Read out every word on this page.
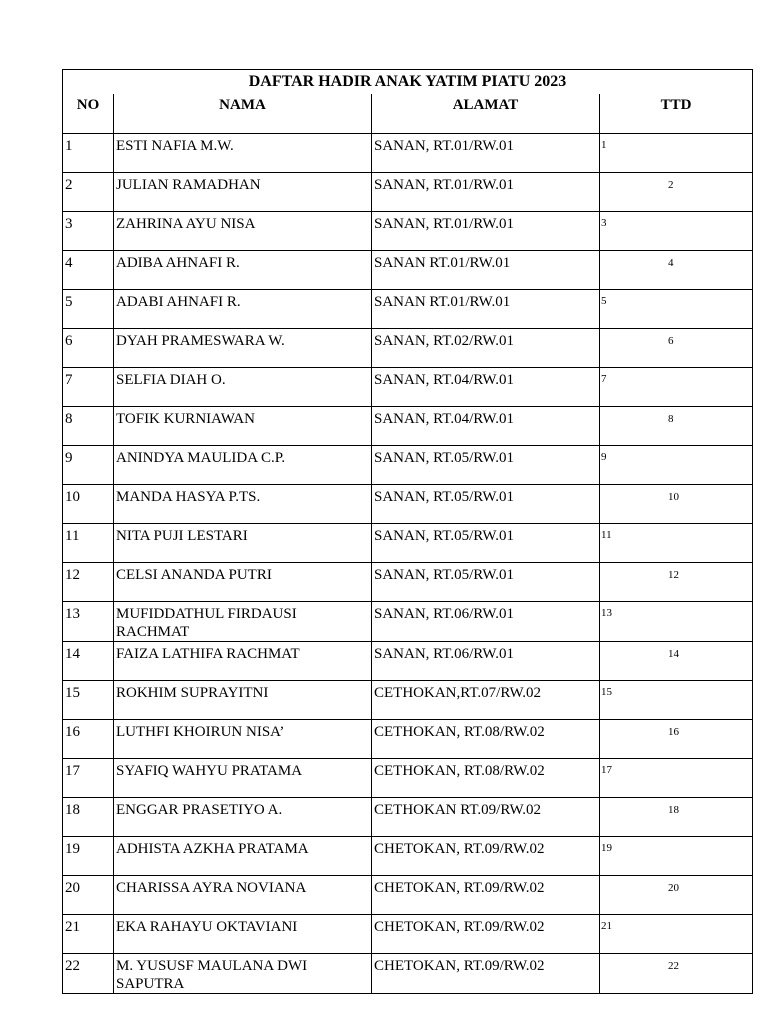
DAFTAR HADIR ANAK YATIM PIATU 2023			
NO	NAMA	ALAMAT	TTD
1	ESTI NAFIA M.W.	SANAN, RT.01/RW.01	1

2	JULIAN RAMADHAN	SANAN, RT.01/RW.01	2

3	ZAHRINA AYU NISA	SANAN, RT.01/RW.01	3

4	ADIBA AHNAFI R.	SANAN RT.01/RW.01	4

5	ADABI AHNAFI R.	SANAN RT.01/RW.01	5

6	DYAH PRAMESWARA W.	SANAN, RT.02/RW.01	6

7	SELFIA DIAH O.	SANAN, RT.04/RW.01	7

8	TOFIK KURNIAWAN	SANAN, RT.04/RW.01	8

9	ANINDYA MAULIDA C.P.	SANAN, RT.05/RW.01	9

10	MANDA HASYA P.TS.	SANAN, RT.05/RW.01	10

11	NITA PUJI LESTARI	SANAN, RT.05/RW.01	11

12	CELSI ANANDA PUTRI	SANAN, RT.05/RW.01	12

13	MUFIDDATHUL FIRDAUSI RACHMAT	SANAN, RT.06/RW.01	13

14	FAIZA LATHIFA RACHMAT	SANAN, RT.06/RW.01	14

15	ROKHIM SUPRAYITNI	CETHOKAN,RT.07/RW.02	15

16	LUTHFI KHOIRUN NISA’	CETHOKAN, RT.08/RW.02	16

17	SYAFIQ WAHYU PRATAMA	CETHOKAN, RT.08/RW.02	17

18	ENGGAR PRASETIYO A.	CETHOKAN RT.09/RW.02	18

19	ADHISTA AZKHA PRATAMA	CHETOKAN, RT.09/RW.02	19

20	CHARISSA AYRA NOVIANA	CHETOKAN, RT.09/RW.02	20

21	EKA RAHAYU OKTAVIANI	CHETOKAN, RT.09/RW.02	21

22	M. YUSUSF MAULANA DWI SAPUTRA	CHETOKAN, RT.09/RW.02	22
